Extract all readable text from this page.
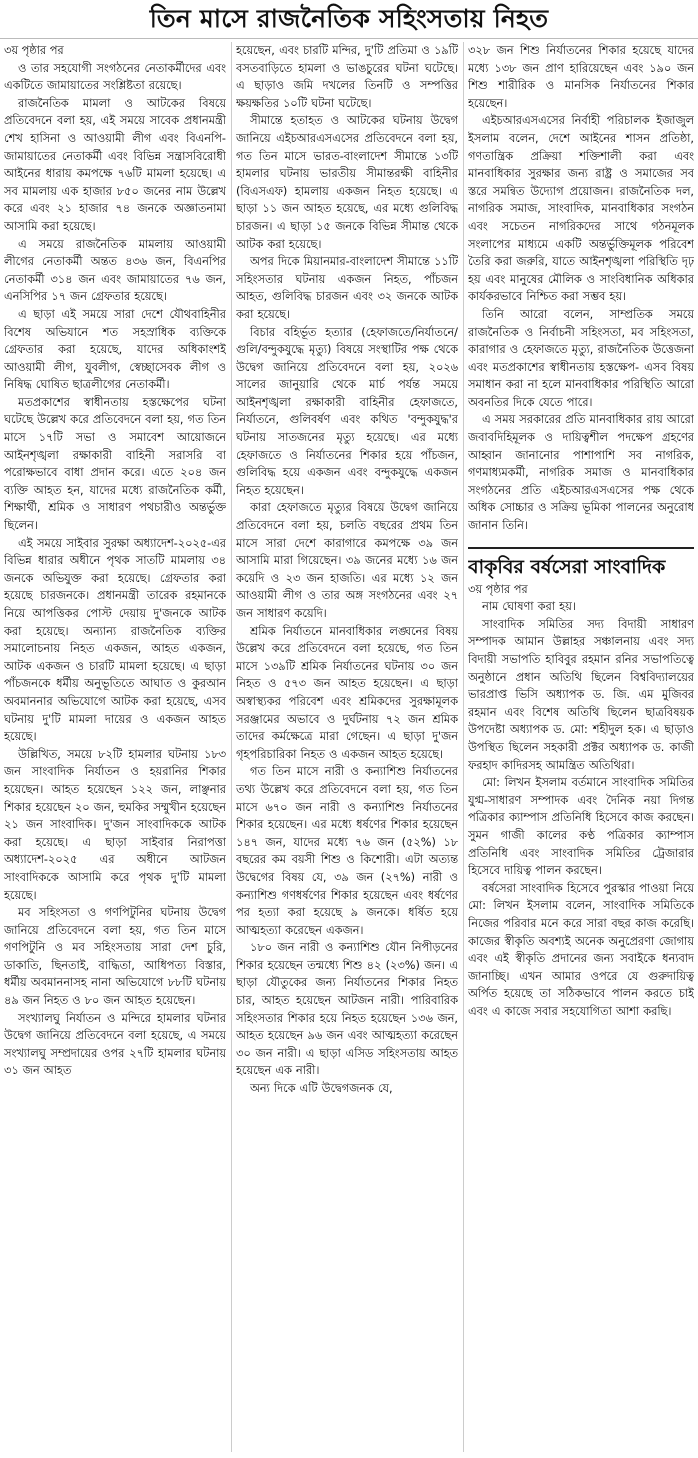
তিন মাসে রাজনৈতিক সহিংসতায় নিহত
৩য় পৃষ্ঠার পর

ও তার সহযোগী সংগঠনের নেতাকর্মীদের এবং একটিতে জামায়াতের সংশ্লিষ্টতা রয়েছে।

রাজনৈতিক মামলা ও আটকের বিষয়ে প্রতিবেদনে বলা হয়, এই সময়ে সাবেক প্রধানমন্ত্রী শেখ হাসিনা ও আওয়ামী লীগ এবং বিএনপি-জামায়াতের নেতাকর্মী এবং বিভিন্ন সন্ত্রাসবিরোধী আইনের ধারায় কমপক্ষে ৭৬টি মামলা হয়েছে। এ সব মামলায় এক হাজার ৮৫০ জনের নাম উল্লেখ করে এবং ২১ হাজার ৭৪ জনকে অজ্ঞাতনামা আসামি করা হয়েছে।

এ সময়ে রাজনৈতিক মামলায় আওয়ামী লীগের নেতাকর্মী অন্তত ৪৩৬ জন, বিএনপির নেতাকর্মী ৩১৪ জন এবং জামায়াতের ৭৬ জন, এনসিপির ১৭ জন গ্রেফতার হয়েছে।

এ ছাড়া এই সময়ে সারা দেশে যৌথবাহিনীর বিশেষ অভিযানে শত সহস্রাধিক ব্যক্তিকে গ্রেফতার করা হয়েছে, যাদের অধিকাংশই আওয়ামী লীগ, যুবলীগ, স্বেচ্ছাসেবক লীগ ও নিষিদ্ধ ঘোষিত ছাত্রলীগের নেতাকর্মী।

মতপ্রকাশের স্বাধীনতায় হস্তক্ষেপের ঘটনা ঘটেছে উল্লেখ করে প্রতিবেদনে বলা হয়, গত তিন মাসে ১৭টি সভা ও সমাবেশ আয়োজনে আইনশৃঙ্খলা রক্ষাকারী বাহিনী সরাসরি বা পরোক্ষভাবে বাধা প্রদান করে। এতে ২০৪ জন ব্যক্তি আহত হন, যাদের মধ্যে রাজনৈতিক কর্মী, শিক্ষার্থী, শ্রমিক ও সাধারণ পথচারীও অন্তর্ভুক্ত ছিলেন।

এই সময়ে সাইবার সুরক্ষা অধ্যাদেশ-২০২৫-এর বিভিন্ন ধারার অধীনে পৃথক সাতটি মামলায় ৩৪ জনকে অভিযুক্ত করা হয়েছে। গ্রেফতার করা হয়েছে চারজনকে। প্রধানমন্ত্রী তারেক রহমানকে নিয়ে আপত্তিকর পোস্ট দেয়ায় দু'জনকে আটক করা হয়েছে। অন্যান্য রাজনৈতিক ব্যক্তির সমালোচনায় নিহত একজন, আহত একজন, আটক একজন ও চারটি মামলা হয়েছে। এ ছাড়া পাঁচজনকে ধর্মীয় অনুভূতিতে আঘাত ও কুরআন অবমাননার অভিযোগে আটক করা হয়েছে, এসব ঘটনায় দু'টি মামলা দায়ের ও একজন আহত হয়েছে।

উল্লিখিত, সময়ে ৮২টি হামলার ঘটনায় ১৮৩ জন সাংবাদিক নির্যাতন ও হয়রানির শিকার হয়েছেন। আহত হয়েছেন ১২২ জন, লাঞ্ছনার শিকার হয়েছেন ২০ জন, হুমকির সম্মুখীন হয়েছেন ২১ জন সাংবাদিক। দু'জন সাংবাদিককে আটক করা হয়েছে। এ ছাড়া সাইবার নিরাপত্তা অধ্যাদেশ-২০২৫ এর অধীনে আটজন সাংবাদিককে আসামি করে পৃথক দু'টি মামলা হয়েছে।

মব সহিংসতা ও গণপিটুনির ঘটনায় উদ্বেগ জানিয়ে প্রতিবেদনে বলা হয়, গত তিন মাসে গণপিটুনি ও মব সহিংসতায় সারা দেশ চুরি, ডাকাতি, ছিনতাই, বাদ্ধিতা, আধিপত্য বিস্তার, ধর্মীয় অবমাননাসহ নানা অভিযোগে ৮৮টি ঘটনায় ৪৯ জন নিহত ও ৮০ জন আহত হয়েছেন।

সংখ্যালঘু নির্যাতন ও মন্দিরে হামলার ঘটনার উদ্বেগ জানিয়ে প্রতিবেদনে বলা হয়েছে, এ সময়ে সংখ্যালঘু সম্প্রদায়ের ওপর ২৭টি হামলার ঘটনায় ৩১ জন আহত

হয়েছেন, এবং চারটি মন্দির, দু'টি প্রতিমা ও ১৯টি বসতবাড়িতে হামলা ও ভাঙচুরের ঘটনা ঘটেছে। এ ছাড়াও জমি দখলের তিনটি ও সম্পত্তির ক্ষয়ক্ষতির ১০টি ঘটনা ঘটেছে।

সীমান্তে হতাহত ও আটকের ঘটনায় উদ্বেগ জানিয়ে এইচআরএসএসের প্রতিবেদনে বলা হয়, গত তিন মাসে ভারত-বাংলাদেশ সীমান্তে ১৩টি হামলার ঘটনায় ভারতীয় সীমান্তরক্ষী বাহিনীর (বিএসএফ) হামলায় একজন নিহত হয়েছে। এ ছাড়া ১১ জন আহত হয়েছে, এর মধ্যে গুলিবিদ্ধ চারজন। এ ছাড়া ১৫ জনকে বিভিন্ন সীমান্ত থেকে আটক করা হয়েছে।

অপর দিকে মিয়ানমার-বাংলাদেশ সীমান্তে ১১টি সহিংসতার ঘটনায় একজন নিহত, পাঁচজন আহত, গুলিবিদ্ধ চারজন এবং ৩২ জনকে আটক করা হয়েছে।

বিচার বহির্ভূত হত্যার (হেফাজতে/নির্যাতনে/গুলি/বন্দুকযুদ্ধে মৃত্যু) বিষয়ে সংস্থাটির পক্ষ থেকে উদ্বেগ জানিয়ে প্রতিবেদনে বলা হয়, ২০২৬ সালের জানুয়ারি থেকে মার্চ পর্যন্ত সময়ে আইনশৃঙ্খলা রক্ষাকারী বাহিনীর হেফাজতে, নির্যাতনে, গুলিবর্ষণ এবং কথিত 'বন্দুকযুদ্ধ'র ঘটনায় সাতজনের মৃত্যু হয়েছে। এর মধ্যে হেফাজতে ও নির্যাতনের শিকার হয়ে পাঁচজন, গুলিবিদ্ধ হয়ে একজন এবং বন্দুকযুদ্ধে একজন নিহত হয়েছেন।

কারা হেফাজতে মৃত্যুর বিষয়ে উদ্বেগ জানিয়ে প্রতিবেদনে বলা হয়, চলতি বছরের প্রথম তিন মাসে সারা দেশে কারাগারে কমপক্ষে ৩৯ জন আসামি মারা গিয়েছেন। ৩৯ জনের মধ্যে ১৬ জন কয়েদি ও ২৩ জন হাজতি। এর মধ্যে ১২ জন আওয়ামী লীগ ও তার অঙ্গ সংগঠনের এবং ২৭ জন সাধারণ কয়েদি।

শ্রমিক নির্যাতনে মানবাধিকার লঙ্ঘনের বিষয় উল্লেখ করে প্রতিবেদনে বলা হয়েছে, গত তিন মাসে ১৩৯টি শ্রমিক নির্যাতনের ঘটনায় ৩০ জন নিহত ও ৫৭৩ জন আহত হয়েছেন। এ ছাড়া অস্বাস্থ্যকর পরিবেশ এবং শ্রমিকদের সুরক্ষামূলক সরঞ্জামের অভাবে ও দুর্ঘটনায় ৭২ জন শ্রমিক তাদের কর্মক্ষেত্রে মারা গেছেন। এ ছাড়া দু'জন গৃহপরিচারিকা নিহত ও একজন আহত হয়েছে।

গত তিন মাসে নারী ও কন্যাশিশু নির্যাতনের তথ্য উল্লেখ করে প্রতিবেদনে বলা হয়, গত তিন মাসে ৬৭০ জন নারী ও কন্যাশিশু নির্যাতনের শিকার হয়েছেন। এর মধ্যে ধর্ষণের শিকার হয়েছেন ১৪৭ জন, যাদের মধ্যে ৭৬ জন (৫২%) ১৮ বছরের কম বয়সী শিশু ও কিশোরী। এটা অত্যন্ত উদ্বেগের বিষয় যে, ৩৯ জন (২৭%) নারী ও কন্যাশিশু গণধর্ষণের শিকার হয়েছেন এবং ধর্ষণের পর হত্যা করা হয়েছে ৯ জনকে। ধর্ষিত হয়ে আত্মহত্যা করেছেন একজন।

১৮০ জন নারী ও কন্যাশিশু যৌন নিপীড়নের শিকার হয়েছেন তন্মধ্যে শিশু ৪২ (২৩%) জন। এ ছাড়া যৌতুকের জন্য নির্যাতনের শিকার নিহত চার, আহত হয়েছেন আটজন নারী। পারিবারিক সহিংসতার শিকার হয়ে নিহত হয়েছেন ১৩৬ জন, আহত হয়েছেন ৯৬ জন এবং আত্মহত্যা করেছেন ৩০ জন নারী। এ ছাড়া এসিড সহিংসতায় আহত হয়েছেন এক নারী।

অন্য দিকে এটি উদ্বেগজনক যে,

৩২৮ জন শিশু নির্যাতনের শিকার হয়েছে যাদের মধ্যে ১৩৮ জন প্রাণ হারিয়েছেন এবং ১৯০ জন শিশু শারীরিক ও মানসিক নির্যাতনের শিকার হয়েছেন।

এইচআরএসএসের নির্বাহী পরিচালক ইজাজুল ইসলাম বলেন, দেশে আইনের শাসন প্রতিষ্ঠা, গণতান্ত্রিক প্রক্রিয়া শক্তিশালী করা এবং মানবাধিকার সুরক্ষার জন্য রাষ্ট্র ও সমাজের সব স্তরে সমন্বিত উদ্যোগ প্রয়োজন। রাজনৈতিক দল, নাগরিক সমাজ, সাংবাদিক, মানবাধিকার সংগঠন এবং সচেতন নাগরিকদের সাথে গঠনমূলক সংলাপের মাধ্যমে একটি অন্তর্ভুক্তিমূলক পরিবেশ তৈরি করা জরুরি, যাতে আইনশৃঙ্খলা পরিস্থিতি দৃঢ় হয় এবং মানুষের মৌলিক ও সাংবিধানিক অধিকার কার্যকরভাবে নিশ্চিত করা সম্ভব হয়।

তিনি আরো বলেন, সাম্প্রতিক সময়ে রাজনৈতিক ও নির্বাচনী সহিংসতা, মব সহিংসতা, কারাগার ও হেফাজতে মৃত্যু, রাজনৈতিক উত্তেজনা এবং মতপ্রকাশের স্বাধীনতায় হস্তক্ষেপ- এসব বিষয় সমাধান করা না হলে মানবাধিকার পরিস্থিতি আরো অবনতির দিকে যেতে পারে।

এ সময় সরকারের প্রতি মানবাধিকার রায় আরো জবাবদিহিমূলক ও দায়িত্বশীল পদক্ষেপ গ্রহণের আহ্বান জানানোর পাশাপাশি সব নাগরিক, গণমাধ্যমকর্মী, নাগরিক সমাজ ও মানবাধিকার সংগঠনের প্রতি এইচআরএসএসের পক্ষ থেকে অধিক সোচ্চার ও সক্রিয় ভূমিকা পালনের অনুরোধ জানান তিনি।

বাকৃবির বর্ষসেরা সাংবাদিক
৩য় পৃষ্ঠার পর

নাম ঘোষণা করা হয়।

সাংবাদিক সমিতির সদ্য বিদায়ী সাধারণ সম্পাদক আমান উল্লাহর সঞ্চালনায় এবং সদ্য বিদায়ী সভাপতি হাবিবুর রহমান রনির সভাপতিত্বে অনুষ্ঠানে প্রধান অতিথি ছিলেন বিশ্ববিদ্যালয়ের ভারপ্রাপ্ত ভিসি অধ্যাপক ড. জি. এম মুজিবর রহমান এবং বিশেষ অতিথি ছিলেন ছাত্রবিষয়ক উপদেষ্টা অধ্যাপক ড. মো: শহীদুল হক। এ ছাড়াও উপস্থিত ছিলেন সহকারী প্রক্টর অধ্যাপক ড. কাজী ফরহাদ কাদিরসহ আমন্ত্রিত অতিথিরা।

মো: লিখন ইসলাম বর্তমানে সাংবাদিক সমিতির যুগ্ম-সাধারণ সম্পাদক এবং দৈনিক নয়া দিগন্ত পত্রিকার ক্যাম্পাস প্রতিনিধি হিসেবে কাজ করছেন। সুমন গাজী কালের কণ্ঠ পত্রিকার ক্যাম্পাস প্রতিনিধি এবং সাংবাদিক সমিতির ট্রেজারার হিসেবে দায়িত্ব পালন করছেন।

বর্ষসেরা সাংবাদিক হিসেবে পুরস্কার পাওয়া নিয়ে মো: লিখন ইসলাম বলেন, সাংবাদিক সমিতিকে নিজের পরিবার মনে করে সারা বছর কাজ করেছি। কাজের স্বীকৃতি অবশ্যই অনেক অনুপ্রেরণা জোগায় এবং এই স্বীকৃতি প্রদানের জন্য সবাইকে ধন্যবাদ জানাচ্ছি। এখন আমার ওপরে যে গুরুদায়িত্ব অর্পিত হয়েছে তা সঠিকভাবে পালন করতে চাই এবং এ কাজে সবার সহযোগিতা আশা করছি।
